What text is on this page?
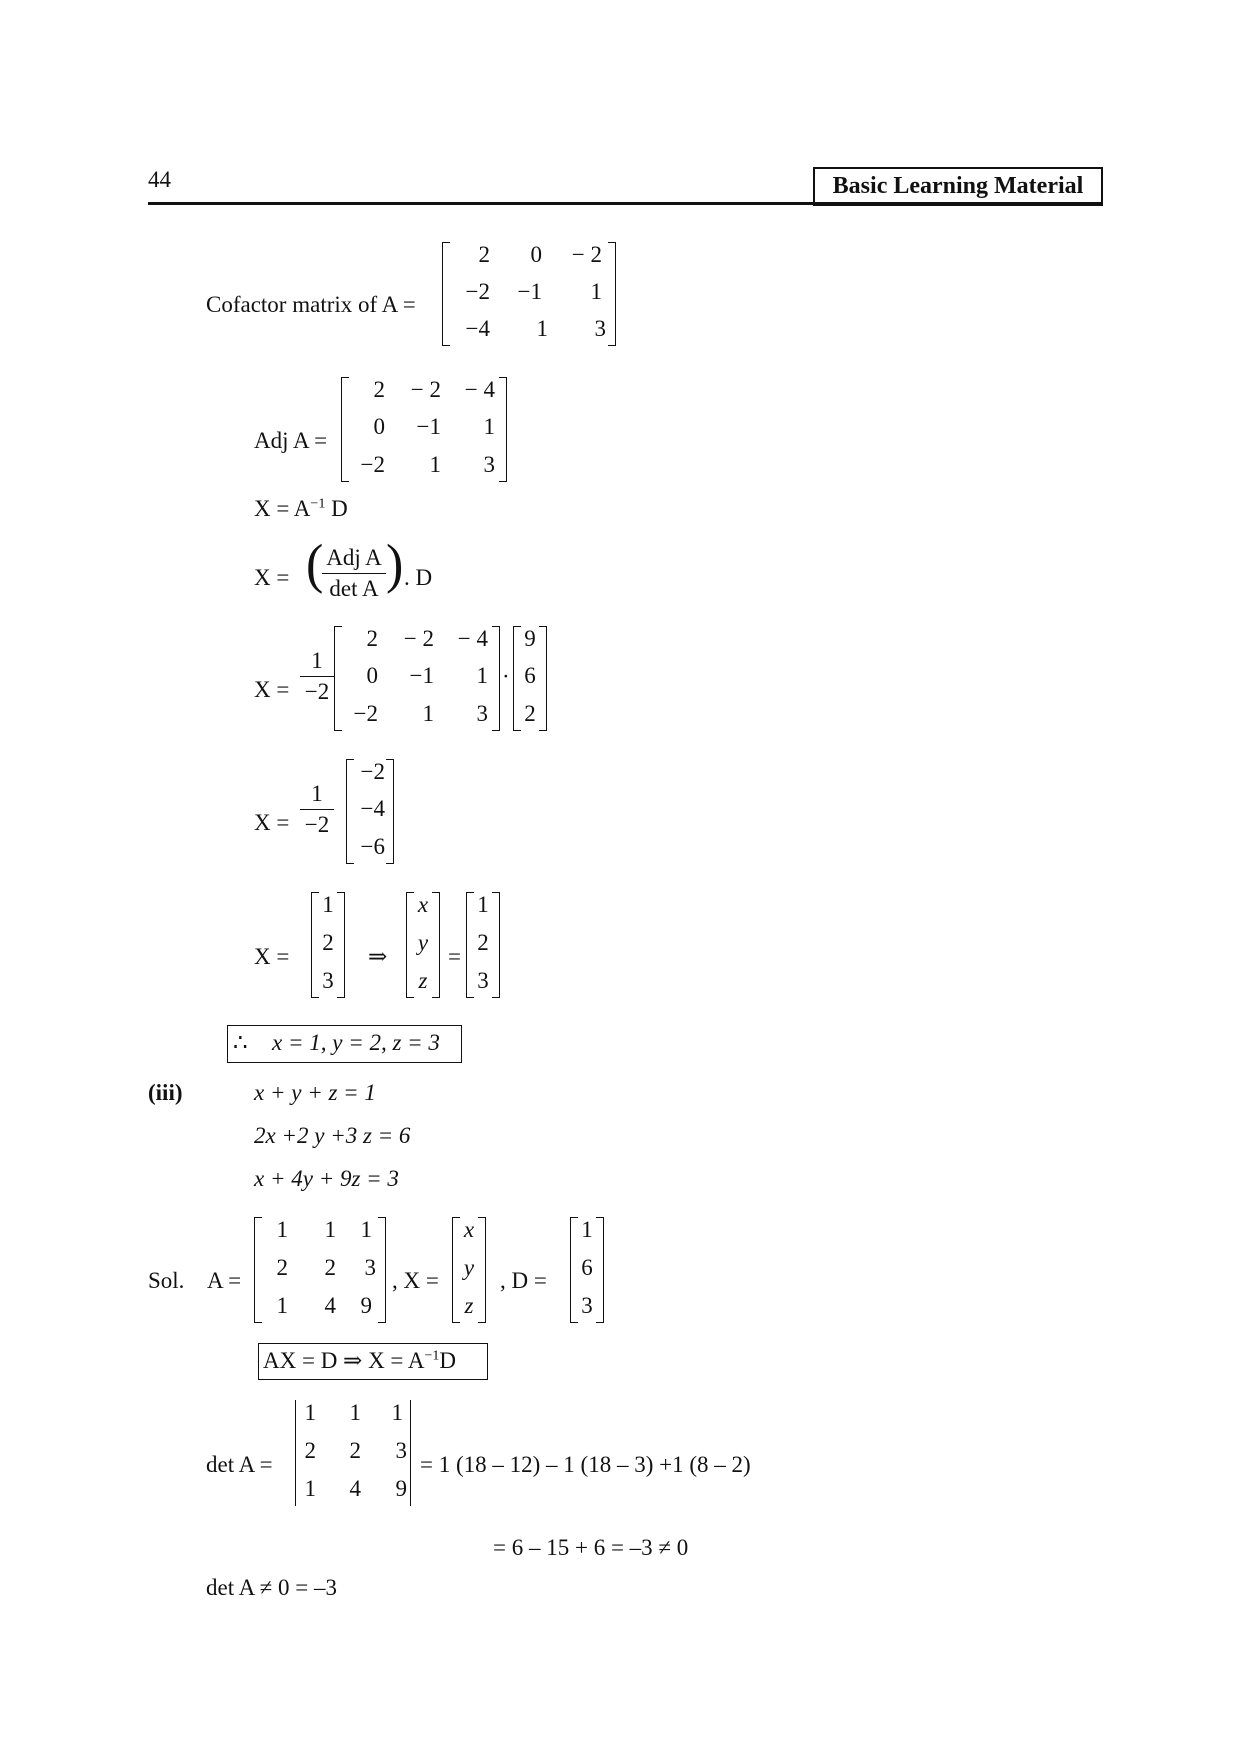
44	Basic Learning Material
Cofactor matrix of A =
2 0 − 2
−2 −1 1
−4 1 3
Adj A =
2 − 2 − 4
0 −1 1
−2 1 3
$X = A^{-1}$ D
X = ( Adj A
det A ) . D
X =
1
−2
2 − 2 − 4
0 −1 1
−2 1 3
·
9
6
2
X =
1
−2
−2
−4
−6
X =
1
2
3
⇒
x
y
z
=
1
2
3
∴ x = 1, y = 2, z = 3
(iii)	x + y + z = 1
2x +2 y +3 z = 6
x + 4y + 9z = 3
Sol. A =
1 1 1
2 2 3
1 4 9
, X =
x
y
z
, D =
1
6
3
AX = D ⇒ $X = A^{-1}D$
det A =
1 1 1
2 2 3
1 4 9
= 1 (18 – 12) – 1 (18 – 3) +1 (8 – 2)
= 6 – 15 + 6 = –3 ≠ 0
det A ≠ 0 = –3
